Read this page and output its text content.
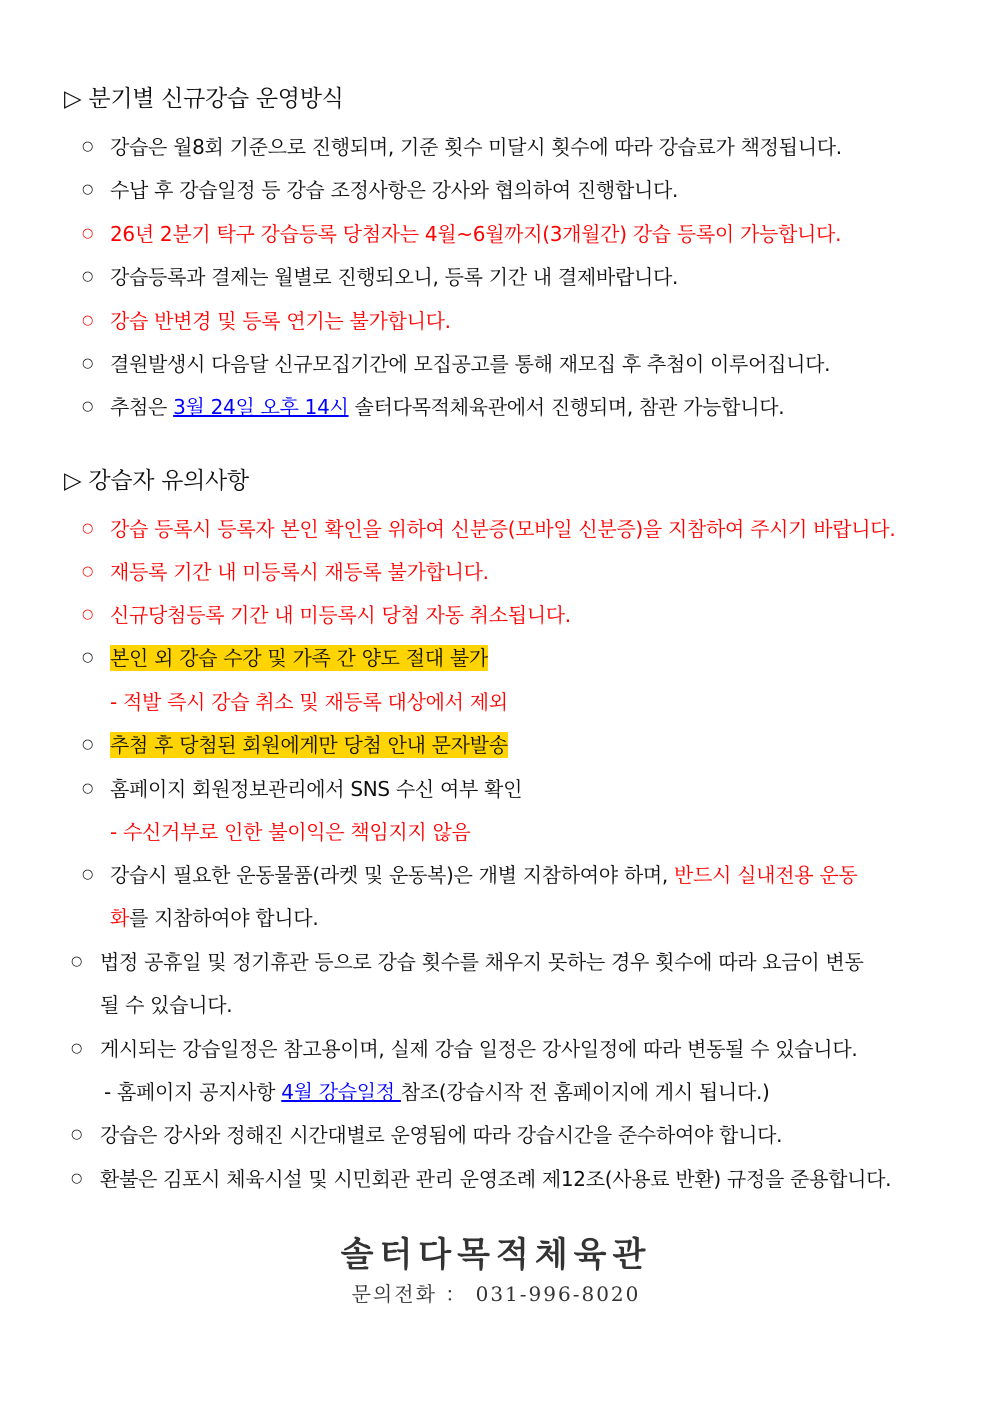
▷ 분기별 신규강습 운영방식
○ 강습은 월8회 기준으로 진행되며, 기준 횟수 미달시 횟수에 따라 강습료가 책정됩니다.
○ 수납 후 강습일정 등 강습 조정사항은 강사와 협의하여 진행합니다.
○ 26년 2분기 탁구 강습등록 당첨자는 4월~6월까지(3개월간) 강습 등록이 가능합니다.
○ 강습등록과 결제는 월별로 진행되오니, 등록 기간 내 결제바랍니다.
○ 강습 반변경 및 등록 연기는 불가합니다.
○ 결원발생시 다음달 신규모집기간에 모집공고를 통해 재모집 후 추첨이 이루어집니다.
○ 추첨은 3월 24일 오후 14시 솔터다목적체육관에서 진행되며, 참관 가능합니다.
▷ 강습자 유의사항
○ 강습 등록시 등록자 본인 확인을 위하여 신분증(모바일 신분증)을 지참하여 주시기 바랍니다.
○ 재등록 기간 내 미등록시 재등록 불가합니다.
○ 신규당첨등록 기간 내 미등록시 당첨 자동 취소됩니다.
○ 본인 외 강습 수강 및 가족 간 양도 절대 불가
- 적발 즉시 강습 취소 및 재등록 대상에서 제외
○ 추첨 후 당첨된 회원에게만 당첨 안내 문자발송
○ 홈페이지 회원정보관리에서 SNS 수신 여부 확인
- 수신거부로 인한 불이익은 책임지지 않음
○ 강습시 필요한 운동물품(라켓 및 운동복)은 개별 지참하여야 하며, 반드시 실내전용 운동
화를 지참하여야 합니다.
○ 법정 공휴일 및 정기휴관 등으로 강습 횟수를 채우지 못하는 경우 횟수에 따라 요금이 변동
될 수 있습니다.
○ 게시되는 강습일정은 참고용이며, 실제 강습 일정은 강사일정에 따라 변동될 수 있습니다.
- 홈페이지 공지사항 4월 강습일정 참조(강습시작 전 홈페이지에 게시 됩니다.)
○ 강습은 강사와 정해진 시간대별로 운영됨에 따라 강습시간을 준수하여야 합니다.
○ 환불은 김포시 체육시설 및 시민회관 관리 운영조례 제12조(사용료 반환) 규정을 준용합니다.
솔터다목적체육관
문의전화 ： 031-996-8020
